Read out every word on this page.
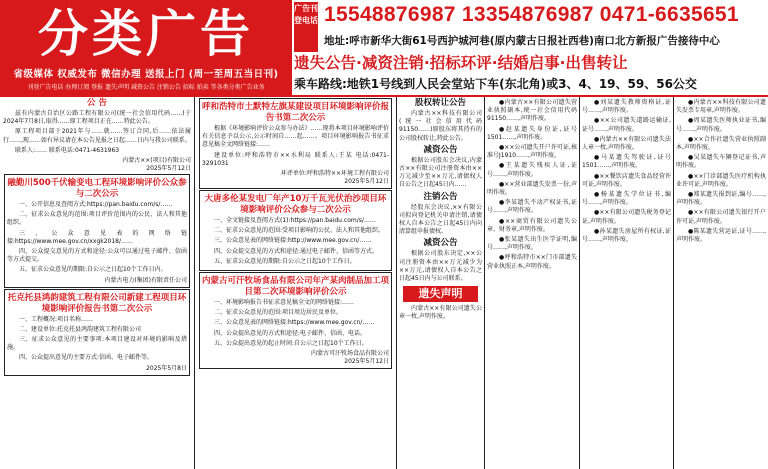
分类广告
省级媒体 权威发布 微信办理 送报上门 (周一至周五当日刊)
刊登广告电话 办理订阅 登报 遗失声明 减资公告 注销公告 招标 拍卖 等各类分类广告业务
广告刊登电话 15548876987 13354876987 0471-6635651
地址:呼市新华大街61号西护城河巷(原内蒙古日报社西巷)南口北方新报广告接待中心
遗失公告·减资注销·招标环评·结婚启事·出售转让
乘车路线:地铁1号线到人民会堂站下车(东北角)或3、4、19、59、56公交
公 告

兹有内蒙古自治区公路工程有限公司(统一社会信用代码……)于2024年7月8日,取得……原工程项目正在……特此公告。

原工程项目部于2021年与……就……签订合同,后……依法履行……,现……如有异议请在本公告见报之日起……日内与我公司联系。

联系人:…… 联系电话:0471-4631963

内蒙古××(项目)有限公司
2025年5月12日
融勤川500千伏输变电工程环境影响评价公众参与二次公示

一、公开信息及查阅方式:https://pan.baidu.com/s/……

二、征求公众意见的范围:项目评价范围内的公民、法人和其他组织。

三、公众意见表的网络链接:https://www.mee.gov.cn/xxgk2018/……

四、公众提交意见的方式和途径:公众可以通过电子邮件、信函等方式提交。

五、征求公众意见的期限:自公示之日起10个工作日内。

内蒙古电力(集团)有限责任公司
托克托县鸿韵建筑工程有限公司新建工程项目环境影响评价报告书第二次公示

一、工程概况:项目名称……

二、建设单位:托克托县鸿韵建筑工程有限公司

三、征求公众意见的主要事项:本项目建设对环境的影响及措施。

四、公众提出意见的主要方式:信函、电子邮件等。

2025年5月8日
呼和浩特市土默特左旗某建设项目环境影响评价报告书第二次公示

根据《环境影响评价公众参与办法》……现将本项目环境影响评价有关信息予以公示,公示时间自……起……。项目环境影响报告书征求意见稿全文网络链接:……

建设单位:呼和浩特市××水利局 联系人:王某 电话:0471-3291031

环评单位:呼和浩特××环境工程有限公司
2025年5月12日
大唐多伦某发电厂年产10万千瓦光伏治沙项目环境影响评价公众参与二次公示

一、全文链接及查阅方式(1):https://pan.baidu.com/s/……

二、征求公众意见的范围:受项目影响的公民、法人和其他组织。

三、公众意见表的网络链接:http://www.mee.gov.cn/……

四、公众提交意见的方式和途径:通过电子邮件、信函等方式。

五、征求公众意见的期限:自公示之日起10个工作日。

内蒙古可汗牧场食品有限公司年产某肉制品加工项目第二次环境影响评价公示

一、环境影响报告书征求意见稿全文的网络链接:……

二、征求公众意见的范围:项目周边居民及单位。

三、公众意见表的网络链接:https://www.mee.gov.cn/……

四、公众提出意见的方式和途径:电子邮件、信函、电话。

五、公众提出意见的起止时间:自公示之日起10个工作日。

内蒙古可汗牧场食品有限公司
2025年5月12日
股权转让公告

内蒙古××科技有限公司(统一社会信用代码91150……)原股东将其持有的公司股权转让,特此公告。

减资公告

根据公司股东会决议,内蒙古××有限公司注册资本由××万元减少至××万元,请债权人自公告之日起45日内……

注销公告

经股东会决议,××有限公司拟向登记机关申请注销,请债权人自本公告之日起45日内向清算组申报债权。

减资公告

根据公司股东决定,××公司注册资本由××万元减少为××万元,请债权人自本公告之日起45日内与公司联系。

遗失声明

内蒙古××有限公司遗失公章一枚,声明作废。

●内蒙古××有限公司遗失营业执照副本,统一社会信用代码91150……,声明作废。

●赵某遗失身份证,证号1501……,声明作废。

●××公司遗失开户许可证,核准号J1910……,声明作废。

●王某遗失残疾人证,证号……,声明作废。

●××营业部遗失发票一份,声明作废。

●李某遗失不动产权证书,证号……,声明作废。

●××商贸有限公司遗失公章、财务章,声明作废。

●张某遗失出生医学证明,编号……,声明作废。

●呼和浩特市××门市部遗失营业执照正本,声明作废。

●刘某遗失教师资格证,证号……,声明作废。

●××公司遗失道路运输证,证号……,声明作废。

●内蒙古××有限公司遗失法人章一枚,声明作废。

●马某遗失驾驶证,证号1501……,声明作废。

●××餐饮店遗失食品经营许可证,声明作废。

●杨某遗失学位证书,编号……,声明作废。

●××有限公司遗失税务登记证,声明作废。

●孙某遗失房屋所有权证,证号……,声明作废。

●内蒙古××科技有限公司遗失发票专用章,声明作废。

●周某遗失医师执业证书,编号……,声明作废。

●××合作社遗失营业执照副本,声明作废。

●吴某遗失车辆登记证书,声明作废。

●××门诊部遗失医疗机构执业许可证,声明作废。

●郑某遗失报到证,编号……,声明作废。

●××有限公司遗失银行开户许可证,声明作废。

●陈某遗失营运证,证号……,声明作废。
